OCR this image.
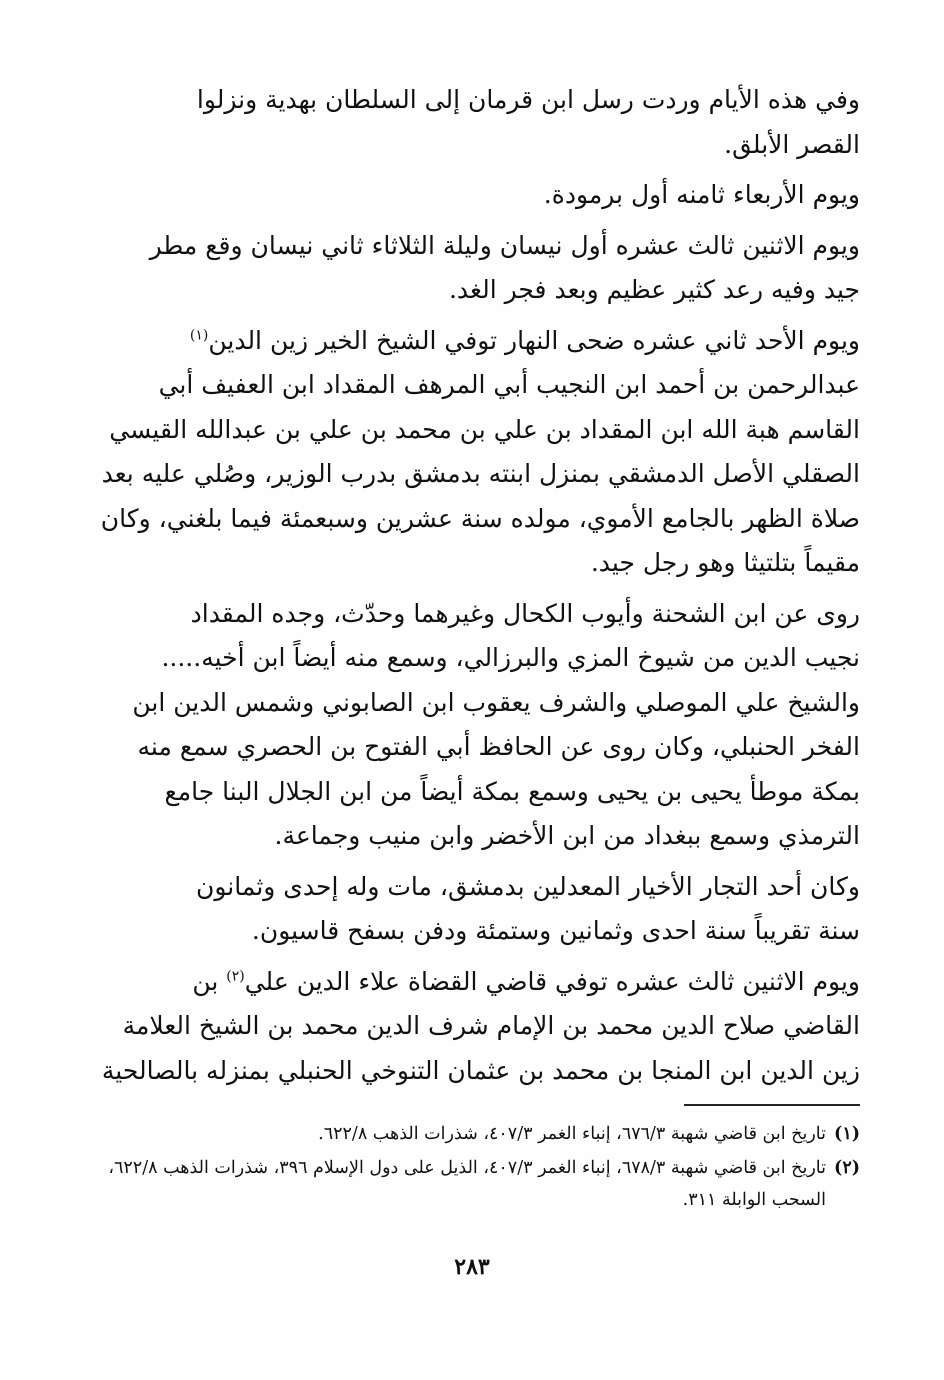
وفي هذه الأيام وردت رسل ابن قرمان إلى السلطان بهدية ونزلوا
القصر الأبلق.

ويوم الأربعاء ثامنه أول برمودة.

ويوم الاثنين ثالث عشره أول نيسان وليلة الثلاثاء ثاني نيسان وقع مطر
جيد وفيه رعد كثير عظيم وبعد فجر الغد.

ويوم الأحد ثاني عشره ضحى النهار توفي الشيخ الخير زين الدين$^{(١)}$
عبدالرحمن بن أحمد ابن النجيب أبي المرهف المقداد ابن العفيف أبي
القاسم هبة الله ابن المقداد بن علي بن محمد بن علي بن عبدالله القيسي
الصقلي الأصل الدمشقي بمنزل ابنته بدمشق بدرب الوزير، وصُلي عليه بعد
صلاة الظهر بالجامع الأموي، مولده سنة عشرين وسبعمئة فيما بلغني، وكان
مقيماً بتلتيثا وهو رجل جيد.

روى عن ابن الشحنة وأيوب الكحال وغيرهما وحدّث، وجده المقداد
نجيب الدين من شيوخ المزي والبرزالي، وسمع منه أيضاً ابن أخيه.....
والشيخ علي الموصلي والشرف يعقوب ابن الصابوني وشمس الدين ابن
الفخر الحنبلي، وكان روى عن الحافظ أبي الفتوح بن الحصري سمع منه
بمكة موطأ يحيى بن يحيى وسمع بمكة أيضاً من ابن الجلال البنا جامع
الترمذي وسمع ببغداد من ابن الأخضر وابن منيب وجماعة.

وكان أحد التجار الأخيار المعدلين بدمشق، مات وله إحدى وثمانون
سنة تقريباً سنة احدى وثمانين وستمئة ودفن بسفح قاسيون.

ويوم الاثنين ثالث عشره توفي قاضي القضاة علاء الدين علي$^{(٢)}$ بن
القاضي صلاح الدين محمد بن الإمام شرف الدين محمد بن الشيخ العلامة
زين الدين ابن المنجا بن محمد بن عثمان التنوخي الحنبلي بمنزله بالصالحية

(١)
تاريخ ابن قاضي شهبة ٦٧٦/٣، إنباء الغمر ٤٠٧/٣، شذرات الذهب ٦٢٢/٨.
(٢)
تاريخ ابن قاضي شهبة ٦٧٨/٣، إنباء الغمر ٤٠٧/٣، الذيل على دول الإسلام ٣٩٦، شذرات الذهب ٦٢٢/٨، السحب الوابلة ٣١١.
٢٨٣
